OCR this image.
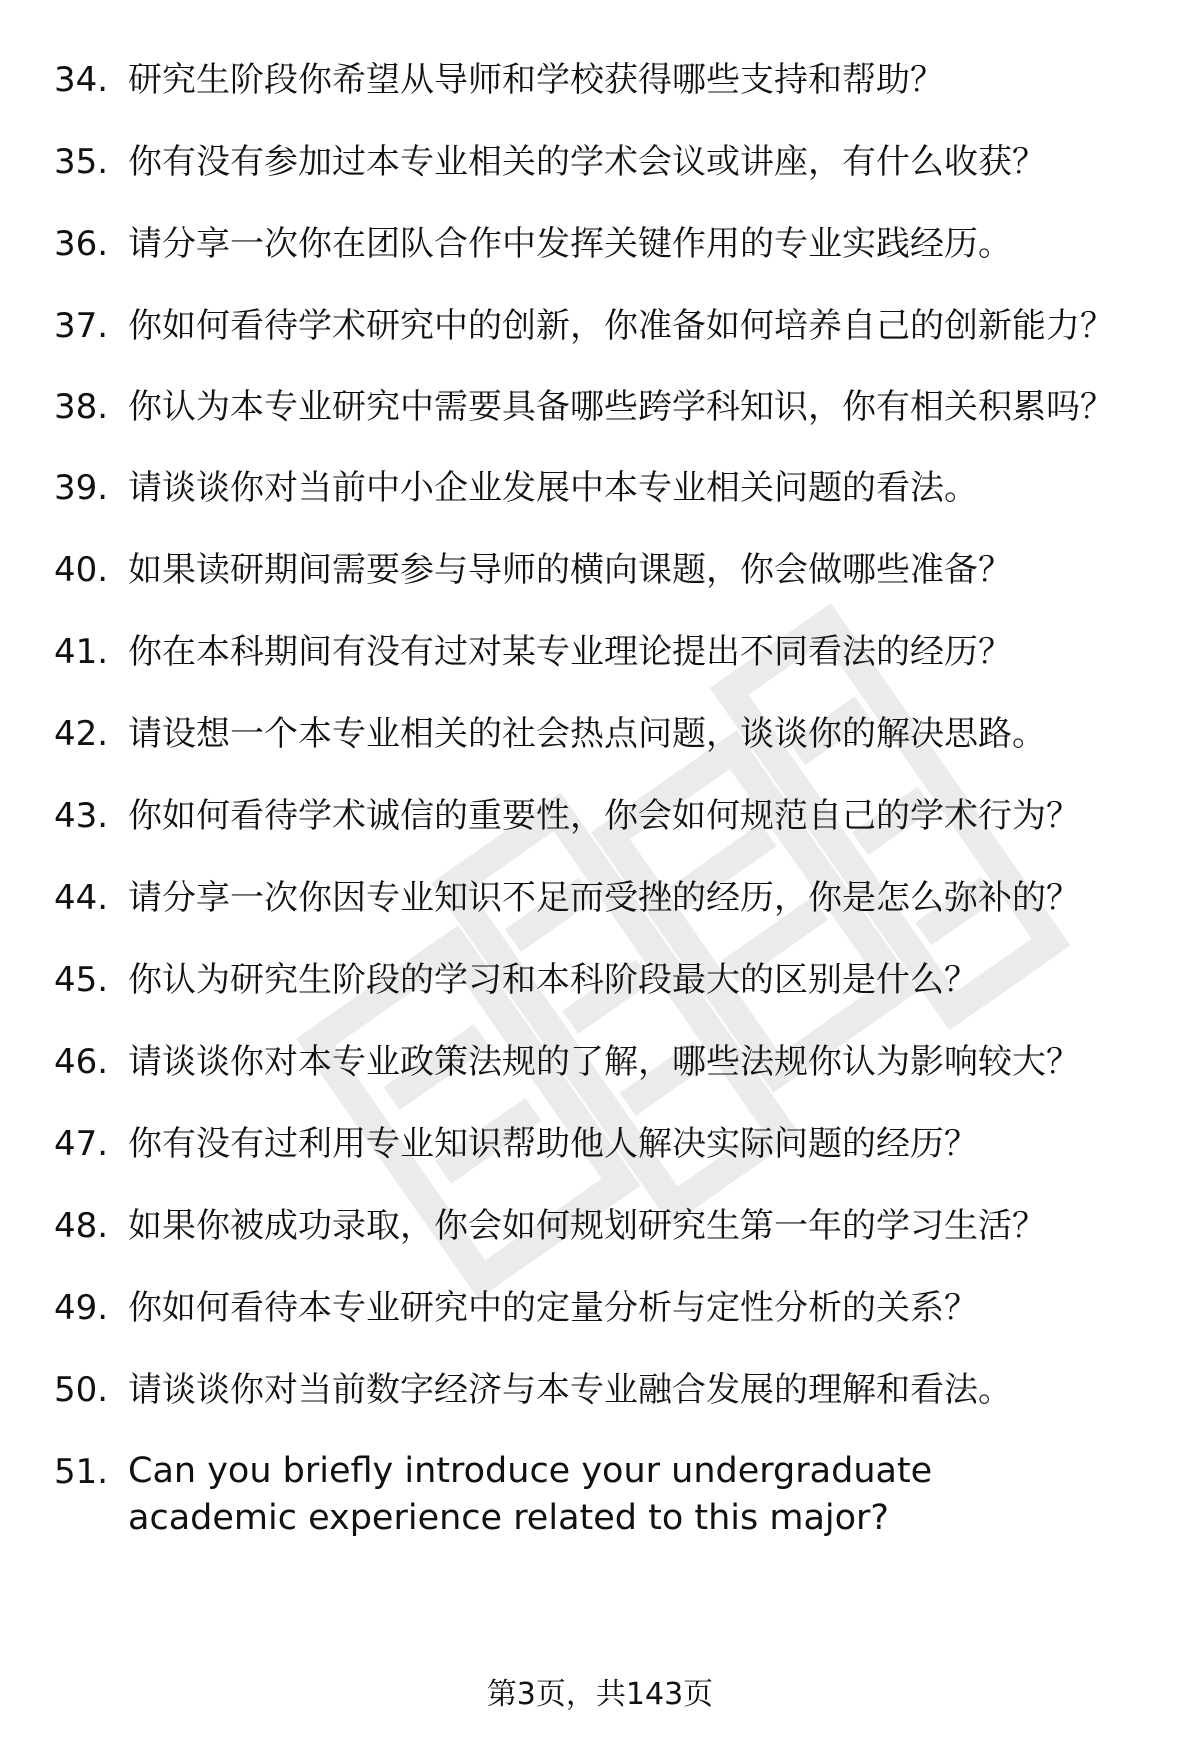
34. 研究生阶段你希望从导师和学校获得哪些支持和帮助？
35. 你有没有参加过本专业相关的学术会议或讲座，有什么收获？
36. 请分享一次你在团队合作中发挥关键作用的专业实践经历。
37. 你如何看待学术研究中的创新，你准备如何培养自己的创新能力？
38. 你认为本专业研究中需要具备哪些跨学科知识，你有相关积累吗？
39. 请谈谈你对当前中小企业发展中本专业相关问题的看法。
40. 如果读研期间需要参与导师的横向课题，你会做哪些准备？
41. 你在本科期间有没有过对某专业理论提出不同看法的经历？
42. 请设想一个本专业相关的社会热点问题，谈谈你的解决思路。
43. 你如何看待学术诚信的重要性，你会如何规范自己的学术行为？
44. 请分享一次你因专业知识不足而受挫的经历，你是怎么弥补的？
45. 你认为研究生阶段的学习和本科阶段最大的区别是什么？
46. 请谈谈你对本专业政策法规的了解，哪些法规你认为影响较大？
47. 你有没有过利用专业知识帮助他人解决实际问题的经历？
48. 如果你被成功录取，你会如何规划研究生第一年的学习生活？
49. 你如何看待本专业研究中的定量分析与定性分析的关系？
50. 请谈谈你对当前数字经济与本专业融合发展的理解和看法。
51. Can you briefly introduce your undergraduate academic experience related to this major?
第3页，共143页
